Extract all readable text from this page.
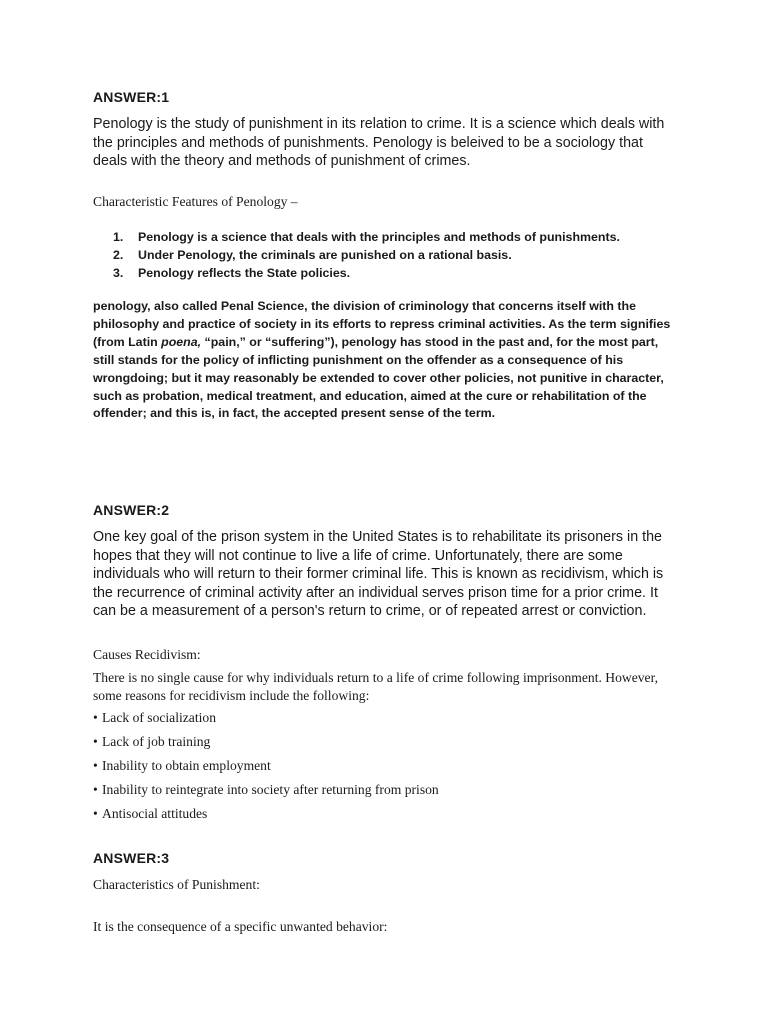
ANSWER:1
Penology is the study of punishment in its relation to crime. It is a science which deals with the principles and methods of punishments. Penology is beleived to be a sociology that deals with the theory and methods of punishment of crimes.
Characteristic Features of Penology –
1.	Penology is a science that deals with the principles and methods of punishments.
2.	Under Penology, the criminals are punished on a rational basis.
3.	Penology reflects the State policies.
penology, also called Penal Science, the division of criminology that concerns itself with the philosophy and practice of society in its efforts to repress criminal activities. As the term signifies (from Latin poena, “pain,” or “suffering”), penology has stood in the past and, for the most part, still stands for the policy of inflicting punishment on the offender as a consequence of his wrongdoing; but it may reasonably be extended to cover other policies, not punitive in character, such as probation, medical treatment, and education, aimed at the cure or rehabilitation of the offender; and this is, in fact, the accepted present sense of the term.
ANSWER:2
One key goal of the prison system in the United States is to rehabilitate its prisoners in the hopes that they will not continue to live a life of crime. Unfortunately, there are some individuals who will return to their former criminal life. This is known as recidivism, which is the recurrence of criminal activity after an individual serves prison time for a prior crime. It can be a measurement of a person's return to crime, or of repeated arrest or conviction.
Causes Recidivism:
There is no single cause for why individuals return to a life of crime following imprisonment. However, some reasons for recidivism include the following:
• Lack of socialization
• Lack of job training
• Inability to obtain employment
• Inability to reintegrate into society after returning from prison
• Antisocial attitudes
ANSWER:3
Characteristics of Punishment:
It is the consequence of a specific unwanted behavior:
